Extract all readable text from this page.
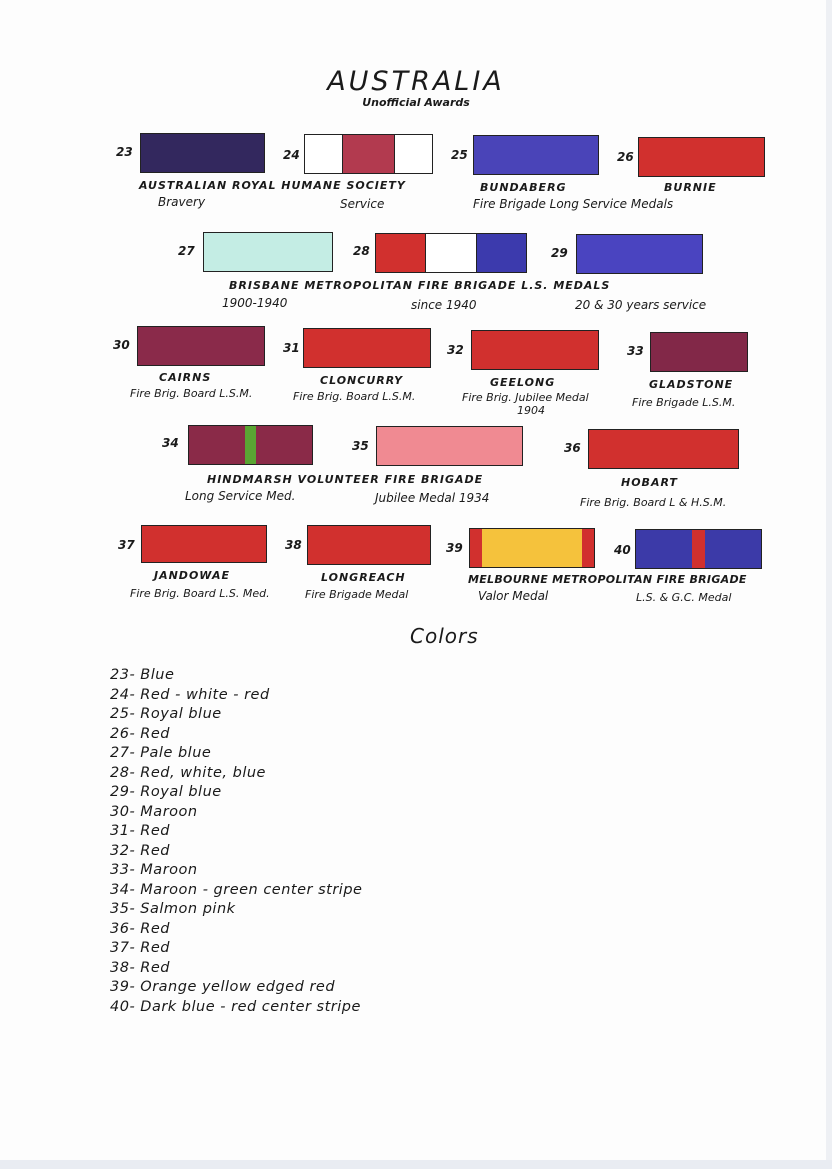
AUSTRALIA
Unofficial Awards
23	24	25	26
27	28	29
30	31	32	33
34	35	36
37	38	39	40
AUSTRALIAN ROYAL HUMANE SOCIETY
Bravery	Service
BUNDABERG	BURNIE
Fire Brigade Long Service Medals
BRISBANE METROPOLITAN FIRE BRIGADE L.S. MEDALS
1900-1940	since 1940	20 & 30 years service
CAIRNS
Fire Brig. Board L.S.M.
CLONCURRY
Fire Brig. Board L.S.M.
GEELONG
Fire Brig. Jubilee Medal
1904
GLADSTONE
Fire Brigade L.S.M.
HINDMARSH VOLUNTEER FIRE BRIGADE
Long Service Med.	Jubilee Medal 1934
HOBART
Fire Brig. Board L & H.S.M.
JANDOWAE
Fire Brig. Board L.S. Med.
LONGREACH
Fire Brigade Medal
MELBOURNE METROPOLITAN FIRE BRIGADE
Valor Medal	L.S. & G.C. Medal
Colors
23- Blue
24- Red - white - red
25- Royal blue
26- Red
27- Pale blue
28- Red, white, blue
29- Royal blue
30- Maroon
31- Red
32- Red
33- Maroon
34- Maroon - green center stripe
35- Salmon pink
36- Red
37- Red
38- Red
39- Orange yellow edged red
40- Dark blue - red center stripe
